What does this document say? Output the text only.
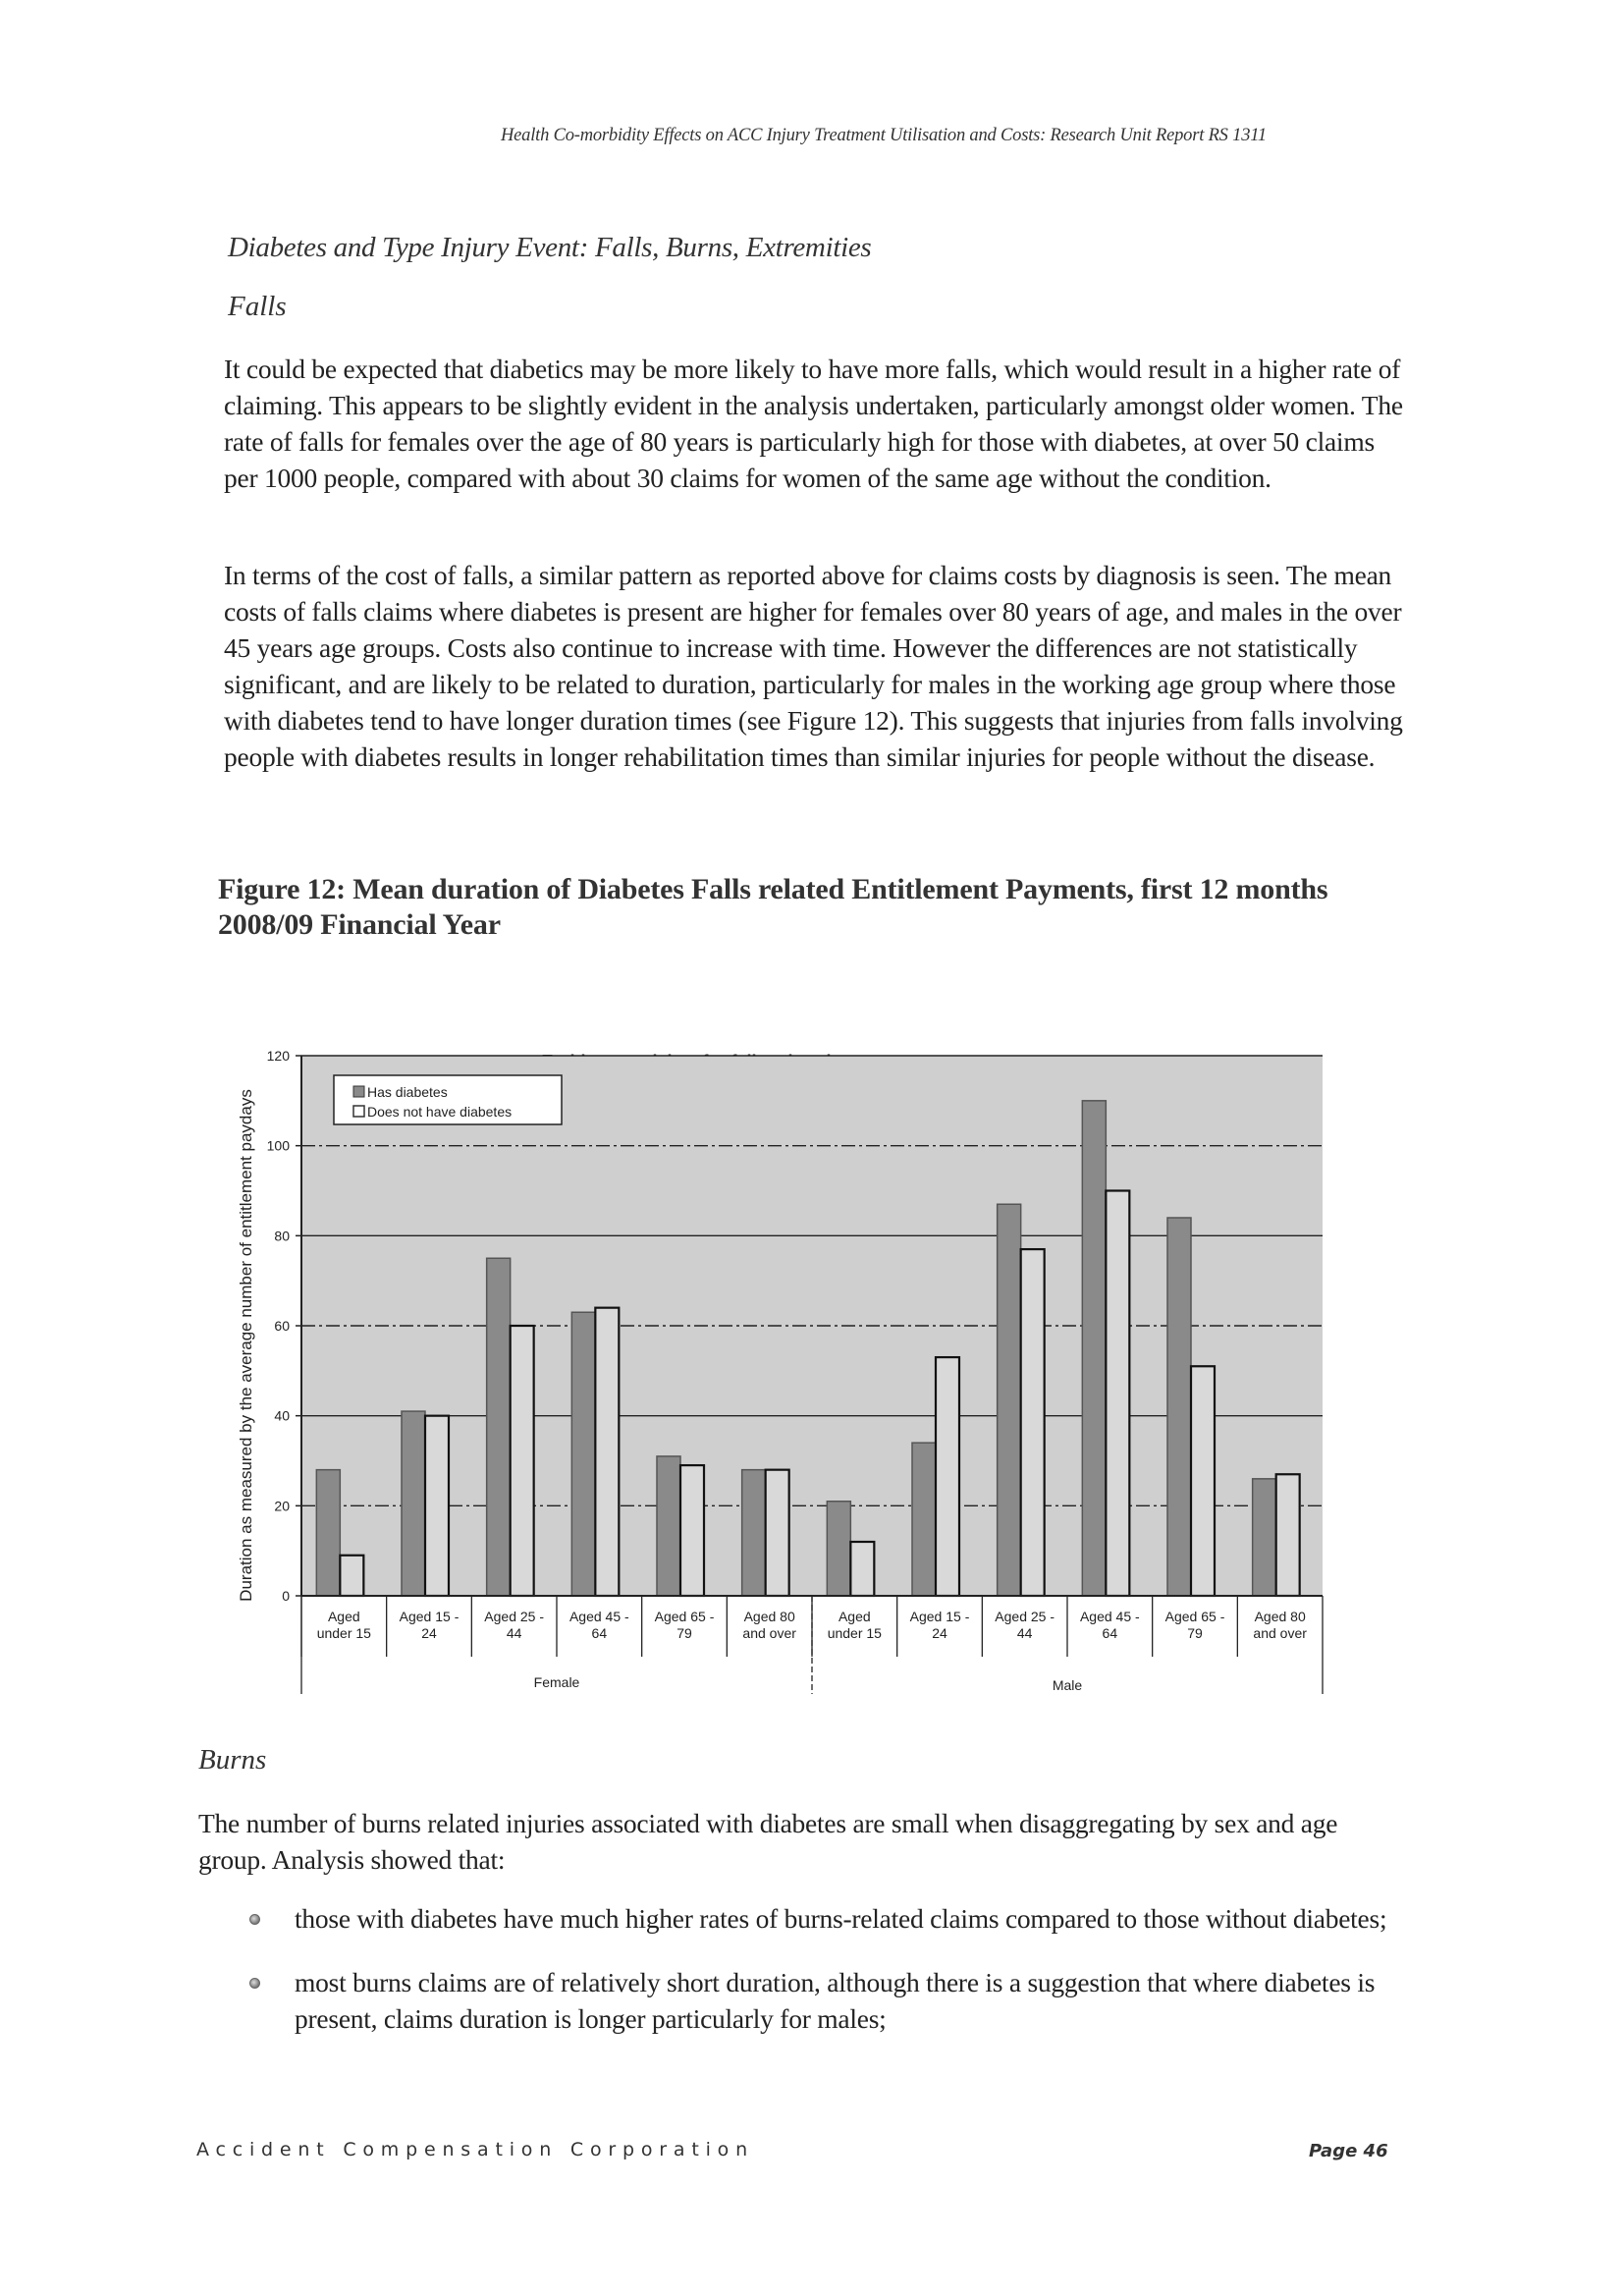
Health Co-morbidity Effects on ACC Injury Treatment Utilisation and Costs: Research Unit Report RS 1311
Diabetes and Type Injury Event: Falls, Burns, Extremities
Falls

It could be expected that diabetics may be more likely to have more falls, which would result in a higher rate of claiming. This appears to be slightly evident in the analysis undertaken, particularly amongst older women. The rate of falls for females over the age of 80 years is particularly high for those with diabetes, at over 50 claims per 1000 people, compared with about 30 claims for women of the same age without the condition.

In terms of the cost of falls, a similar pattern as reported above for claims costs by diagnosis is seen. The mean costs of falls claims where diabetes is present are higher for females over 80 years of age, and males in the over 45 years age groups. Costs also continue to increase with time. However the differences are not statistically significant, and are likely to be related to duration, particularly for males in the working age group where those with diabetes tend to have longer duration times (see Figure 12). This suggests that injuries from falls involving people with diabetes results in longer rehabilitation times than similar injuries for people without the disease.

Figure 12: Mean duration of Diabetes Falls related Entitlement Payments, first 12 months 2008/09 Financial Year
0
20
40
60
80
100
120
Duration as measured by the average number of entitlement paydays	Has diabetes
Does not have diabetes
Aged
under 15
Aged 15 -
24
Aged 25 -
44
Aged 45 -
64
Aged 65 -
79
Aged 80
and over
Aged
under 15
Aged 15 -
24
Aged 25 -
44
Aged 45 -
64
Aged 65 -
79
Aged 80
and over
Female	Male
Burns

The number of burns related injuries associated with diabetes are small when disaggregating by sex and age group. Analysis showed that:

those with diabetes have much higher rates of burns-related claims compared to those without diabetes;
most burns claims are of relatively short duration, although there is a suggestion that where diabetes is present, claims duration is longer particularly for males;
Accident Compensation Corporation	Page 46
